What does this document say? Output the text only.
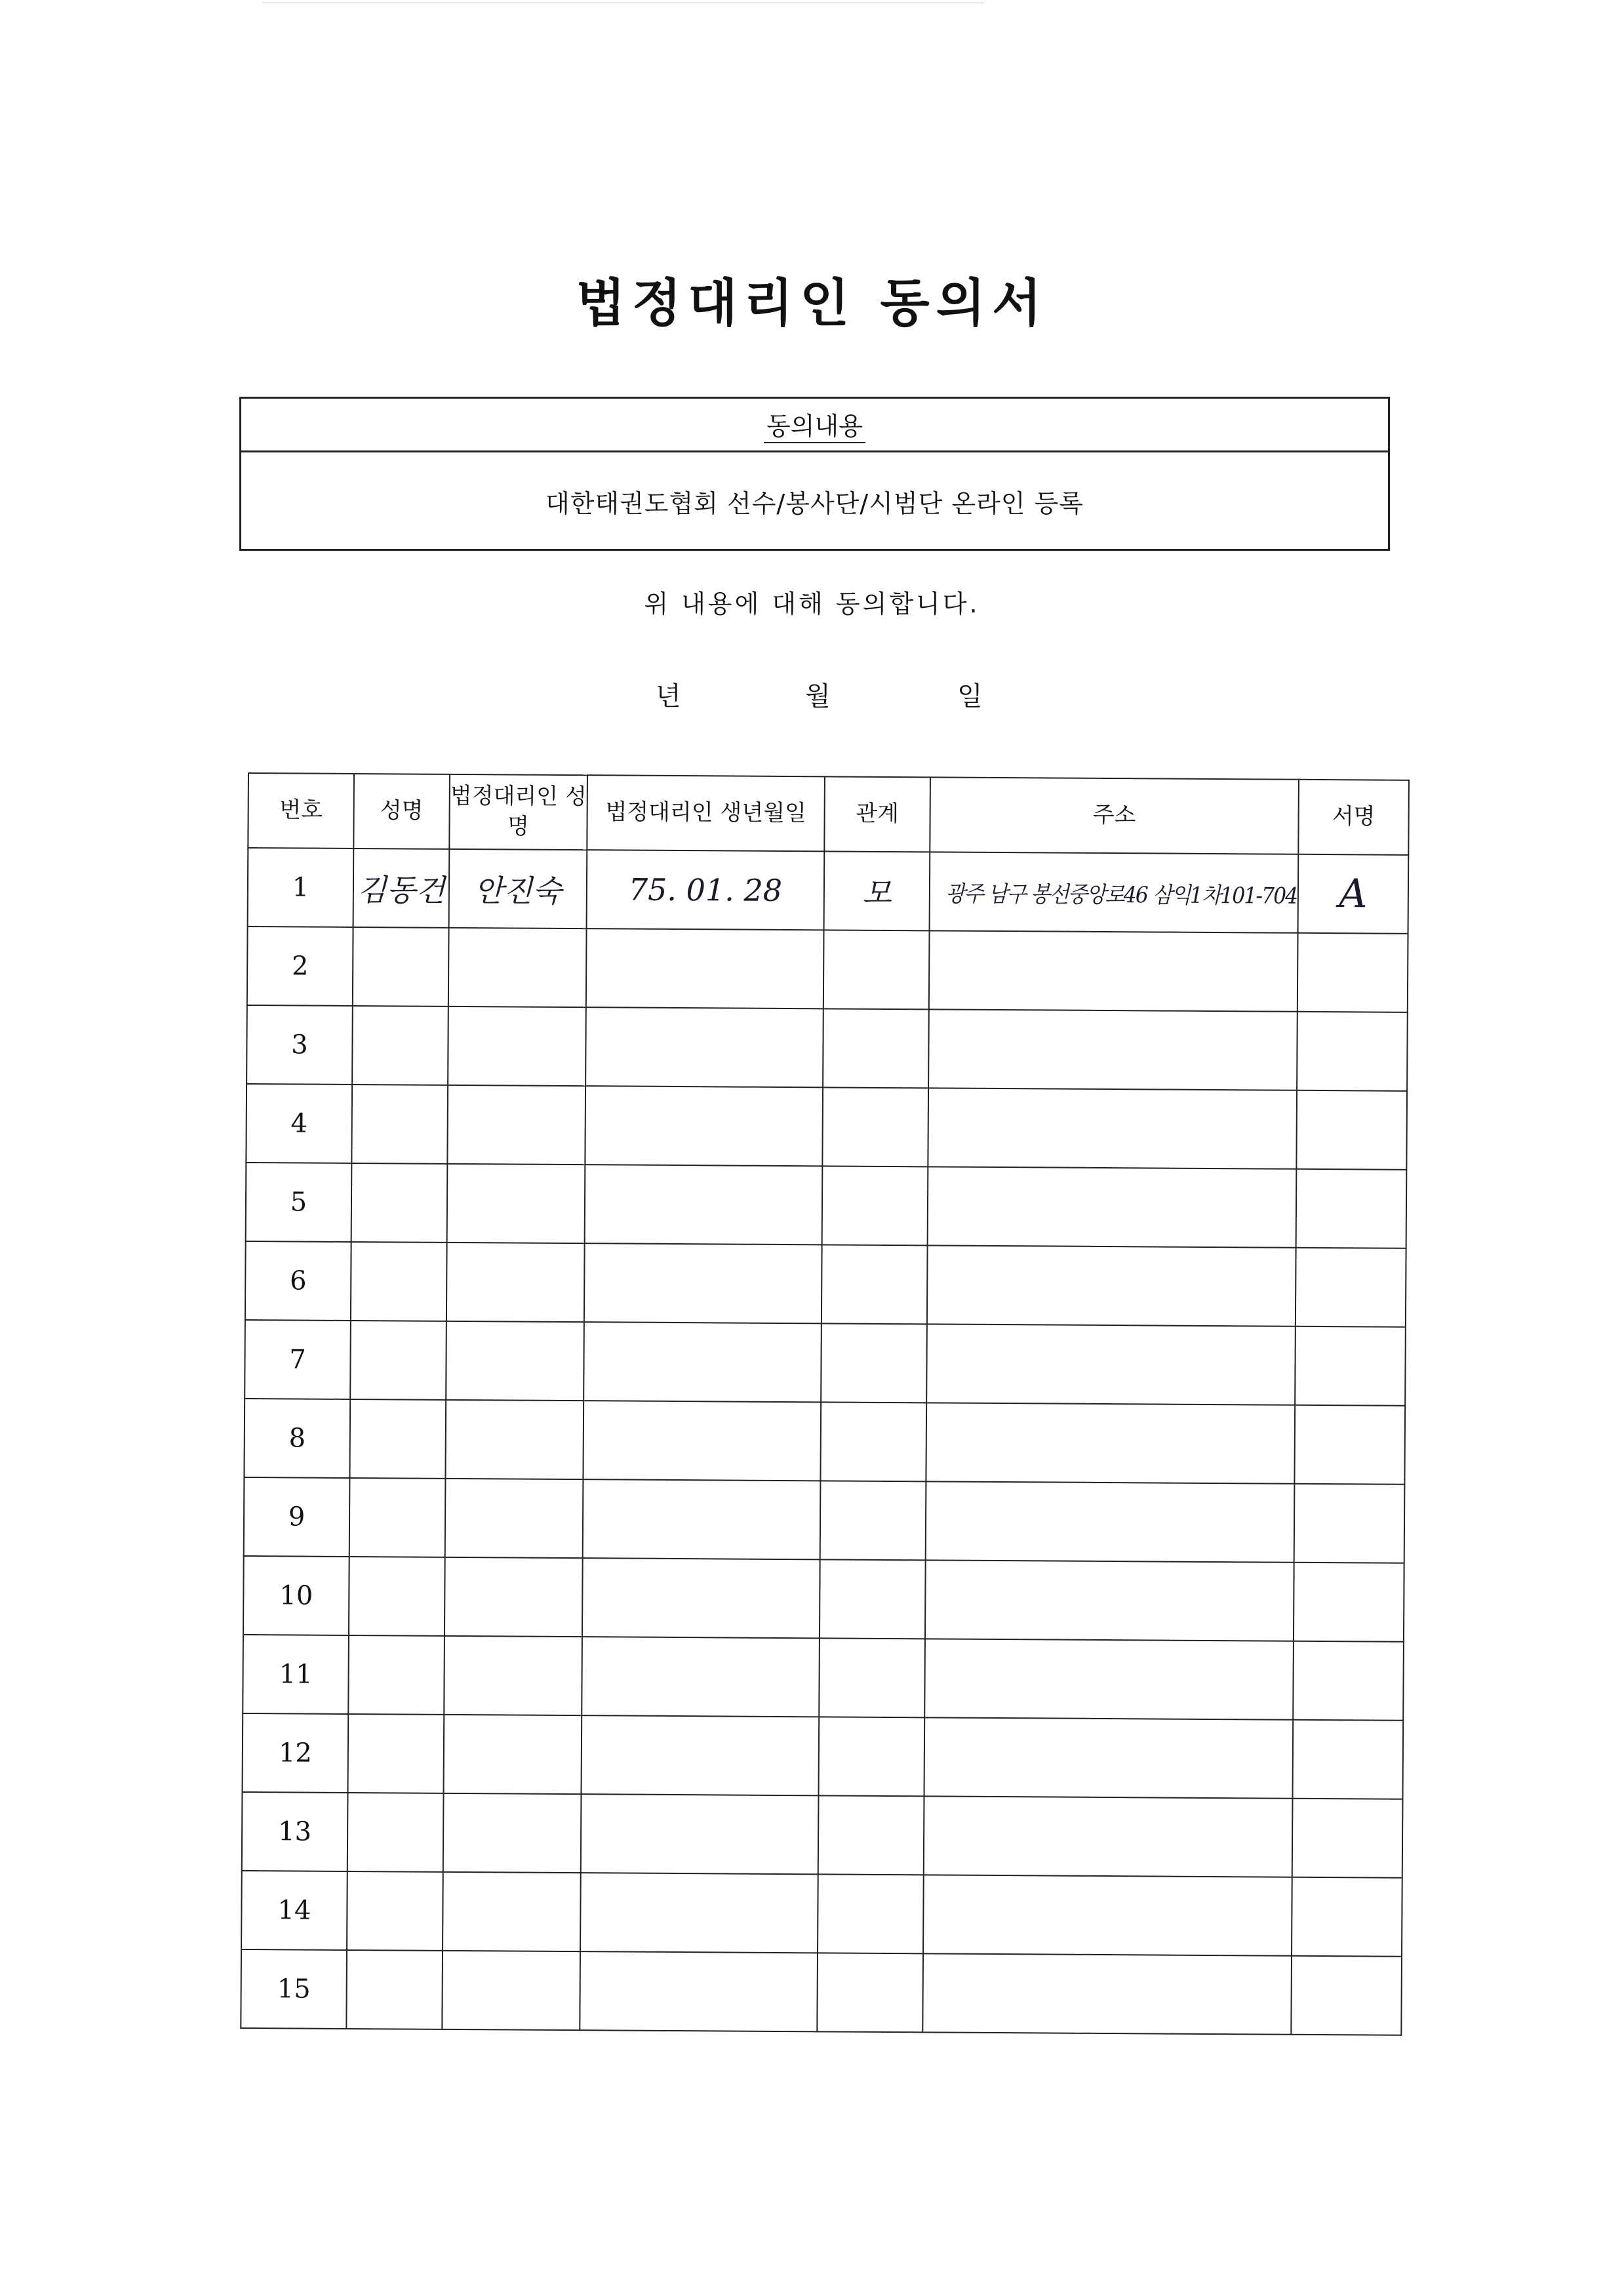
법정대리인 동의서
동의내용
대한태권도협회 선수/봉사단/시범단 온라인 등록
위 내용에 대해 동의합니다.
년	월	일
번호	성명	법정대리인 성명	법정대리인 생년월일	관계	주소	서명
1	김동건	안진숙	75. 01. 28	모	광주 남구 봉선중앙로46 삼익1차101-704	A
2						
3						
4						
5						
6						
7						
8						
9						
10						
11						
12						
13						
14						
15						
